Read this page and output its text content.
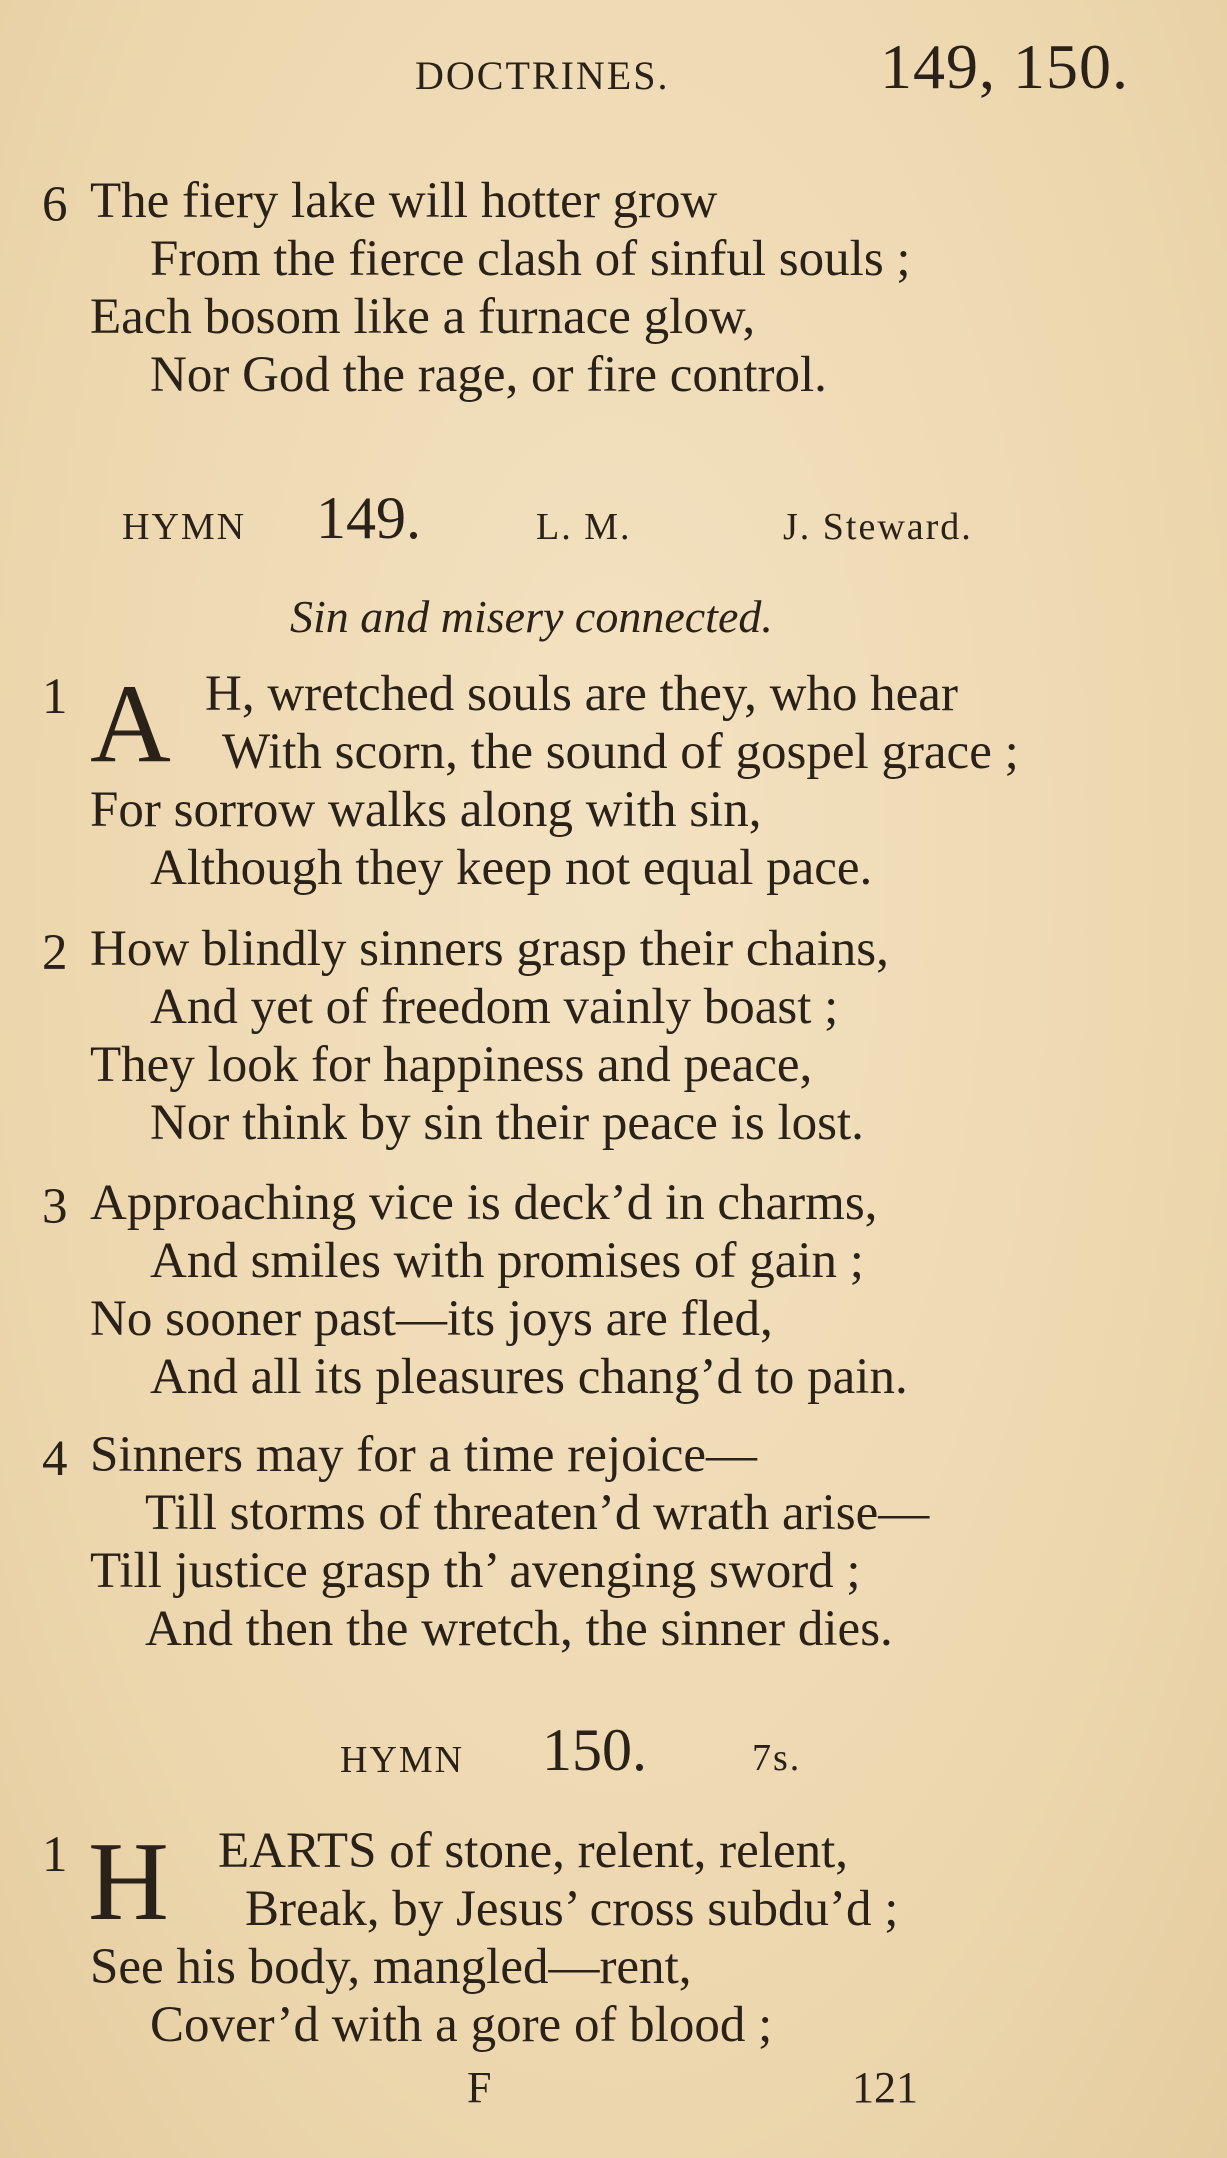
DOCTRINES.	149, 150.
6 The fiery lake will hotter grow
From the fierce clash of sinful souls ;
Each bosom like a furnace glow,
Nor God the rage, or fire control.
HYMN 149.	L. M.	J. Steward.
Sin and misery connected.
1 A H, wretched souls are they, who hear
With scorn, the sound of gospel grace ;
For sorrow walks along with sin,
Although they keep not equal pace.
2 How blindly sinners grasp their chains,
And yet of freedom vainly boast ;
They look for happiness and peace,
Nor think by sin their peace is lost.
3 Approaching vice is deck’d in charms,
And smiles with promises of gain ;
No sooner past—its joys are fled,
And all its pleasures chang’d to pain.
4 Sinners may for a time rejoice—
Till storms of threaten’d wrath arise—
Till justice grasp th’ avenging sword ;
And then the wretch, the sinner dies.
HYMN 150.	7s.
1 H EARTS of stone, relent, relent,
Break, by Jesus’ cross subdu’d ;
See his body, mangled—rent,
Cover’d with a gore of blood ;
F	121
